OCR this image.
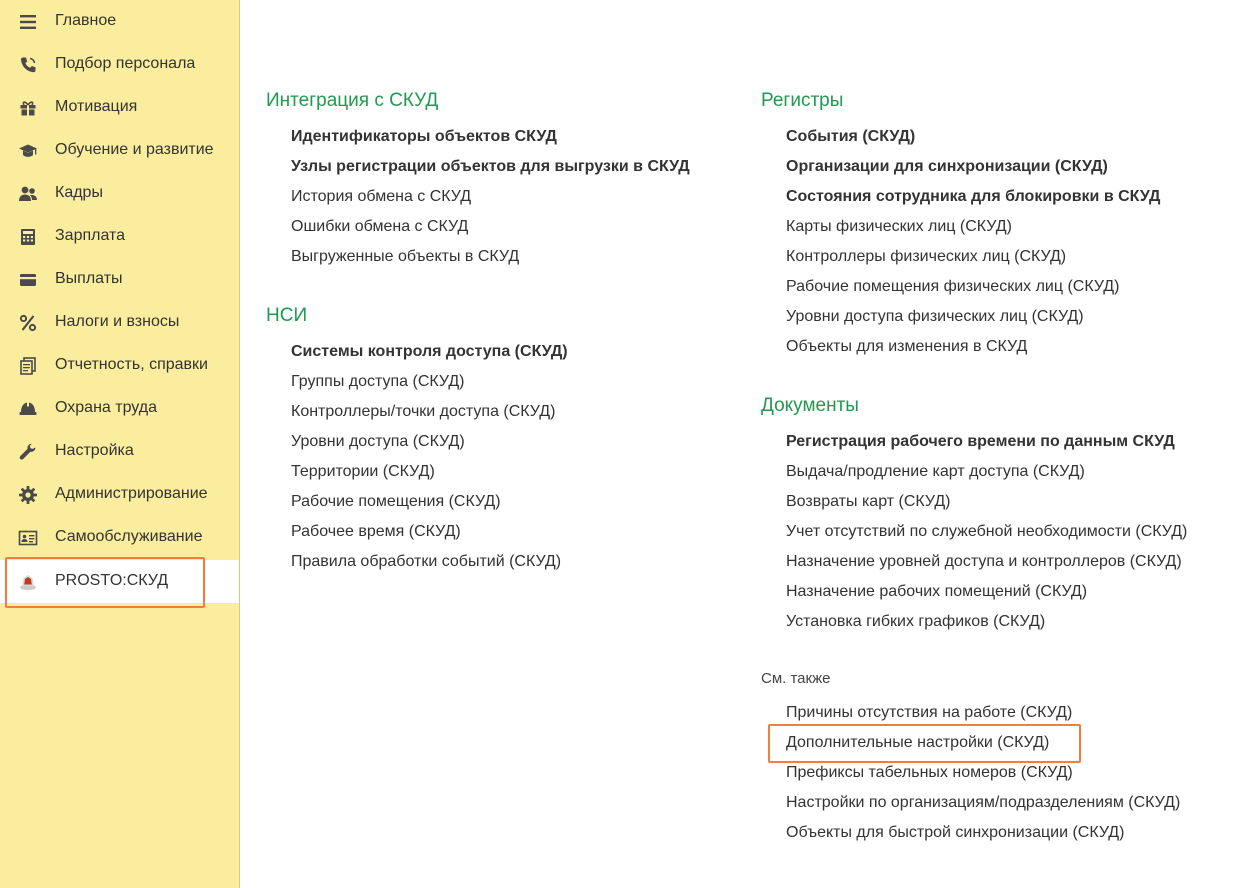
Главное
Подбор персонала
Мотивация
Обучение и развитие
Кадры
Зарплата
Выплаты
Налоги и взносы
Отчетность, справки
Охрана труда
Настройка
Администрирование
Самообслуживание
PROSTO:СКУД
Интеграция с СКУД
Идентификаторы объектов СКУД
Узлы регистрации объектов для выгрузки в СКУД
История обмена с СКУД
Ошибки обмена с СКУД
Выгруженные объекты в СКУД
НСИ
Системы контроля доступа (СКУД)
Группы доступа (СКУД)
Контроллеры/точки доступа (СКУД)
Уровни доступа (СКУД)
Территории (СКУД)
Рабочие помещения (СКУД)
Рабочее время (СКУД)
Правила обработки событий (СКУД)
Регистры
События (СКУД)
Организации для синхронизации (СКУД)
Состояния сотрудника для блокировки в СКУД
Карты физических лиц (СКУД)
Контроллеры физических лиц (СКУД)
Рабочие помещения физических лиц (СКУД)
Уровни доступа физических лиц (СКУД)
Объекты для изменения в СКУД
Документы
Регистрация рабочего времени по данным СКУД
Выдача/продление карт доступа (СКУД)
Возвраты карт (СКУД)
Учет отсутствий по служебной необходимости (СКУД)
Назначение уровней доступа и контроллеров (СКУД)
Назначение рабочих помещений (СКУД)
Установка гибких графиков (СКУД)
См. также
Причины отсутствия на работе (СКУД)
Дополнительные настройки (СКУД)
Префиксы табельных номеров (СКУД)
Настройки по организациям/подразделениям (СКУД)
Объекты для быстрой синхронизации (СКУД)
